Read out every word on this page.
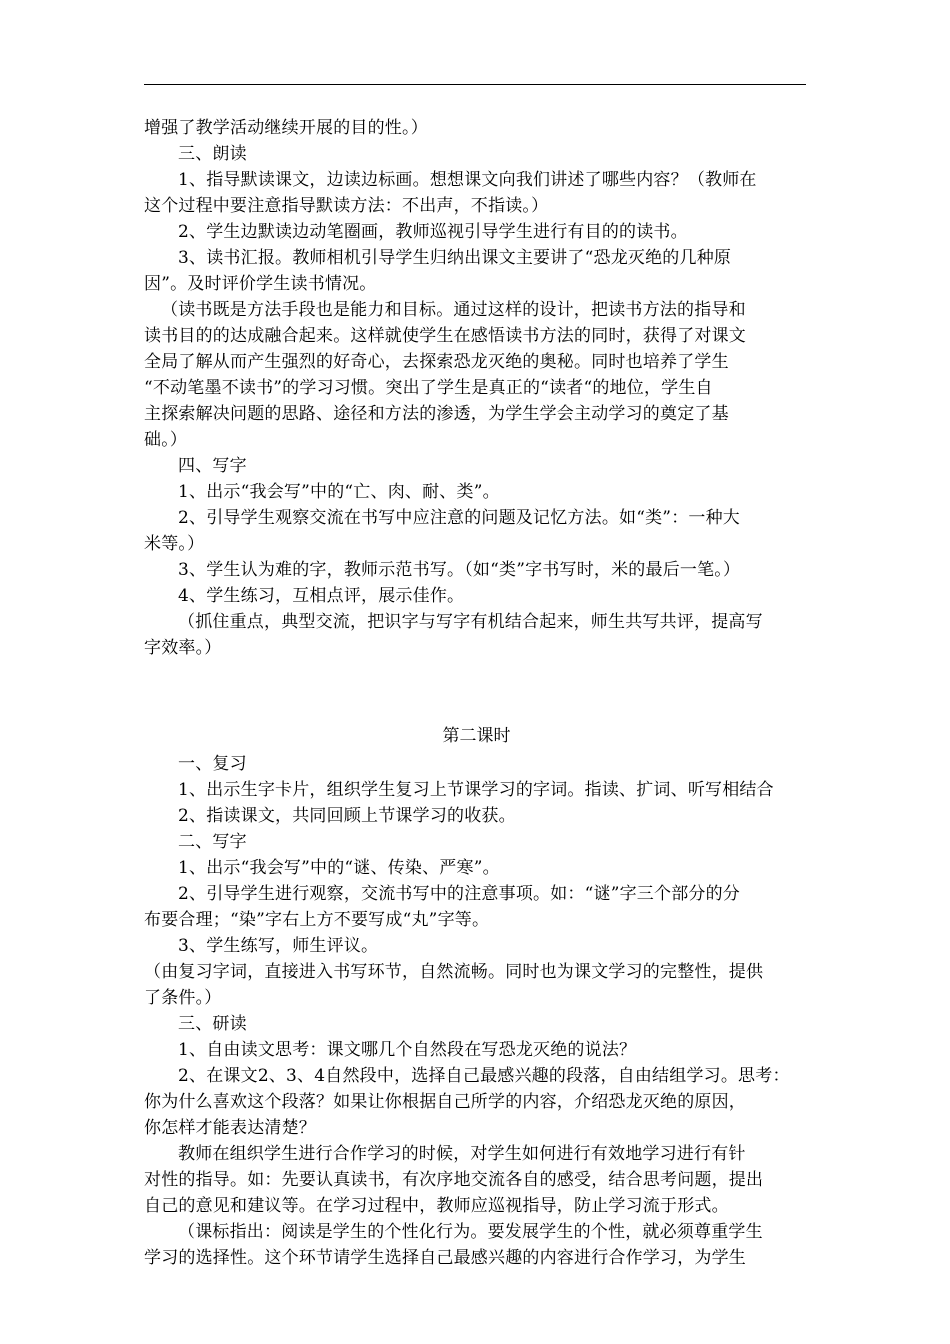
增强了教学活动继续开展的目的性。）
三、朗读
1、指导默读课文，边读边标画。想想课文向我们讲述了哪些内容？（教师在
这个过程中要注意指导默读方法：不出声，不指读。）
2、学生边默读边动笔圈画，教师巡视引导学生进行有目的的读书。
3、读书汇报。教师相机引导学生归纳出课文主要讲了“恐龙灭绝的几种原
因”。及时评价学生读书情况。
（读书既是方法手段也是能力和目标。通过这样的设计，把读书方法的指导和
读书目的的达成融合起来。这样就使学生在感悟读书方法的同时，获得了对课文
全局了解从而产生强烈的好奇心，去探索恐龙灭绝的奥秘。同时也培养了学生
“不动笔墨不读书”的学习习惯。突出了学生是真正的“读者“的地位，学生自
主探索解决问题的思路、途径和方法的渗透，为学生学会主动学习的奠定了基
础。）
四、写字
1、出示“我会写”中的“亡、肉、耐、类”。
2、引导学生观察交流在书写中应注意的问题及记忆方法。如“类”：一种大
米等。）
3、学生认为难的字，教师示范书写。（如“类”字书写时，米的最后一笔。）
4、学生练习，互相点评，展示佳作。
（抓住重点，典型交流，把识字与写字有机结合起来，师生共写共评，提高写
字效率。）
第二课时
一、复习
1、出示生字卡片，组织学生复习上节课学习的字词。指读、扩词、听写相结合
2、指读课文，共同回顾上节课学习的收获。
二、写字
1、出示“我会写”中的“谜、传染、严寒”。
2、引导学生进行观察，交流书写中的注意事项。如：“谜”字三个部分的分
布要合理；“染”字右上方不要写成“丸”字等。
3、学生练写，师生评议。
（由复习字词，直接进入书写环节，自然流畅。同时也为课文学习的完整性，提供
了条件。）
三、研读
1、自由读文思考：课文哪几个自然段在写恐龙灭绝的说法？
2、在课文2、3、4自然段中，选择自己最感兴趣的段落，自由结组学习。思考：
你为什么喜欢这个段落？如果让你根据自己所学的内容，介绍恐龙灭绝的原因，
你怎样才能表达清楚？
教师在组织学生进行合作学习的时候，对学生如何进行有效地学习进行有针
对性的指导。如：先要认真读书，有次序地交流各自的感受，结合思考问题，提出
自己的意见和建议等。在学习过程中，教师应巡视指导，防止学习流于形式。
（课标指出：阅读是学生的个性化行为。要发展学生的个性，就必须尊重学生
学习的选择性。这个环节请学生选择自己最感兴趣的内容进行合作学习，为学生
